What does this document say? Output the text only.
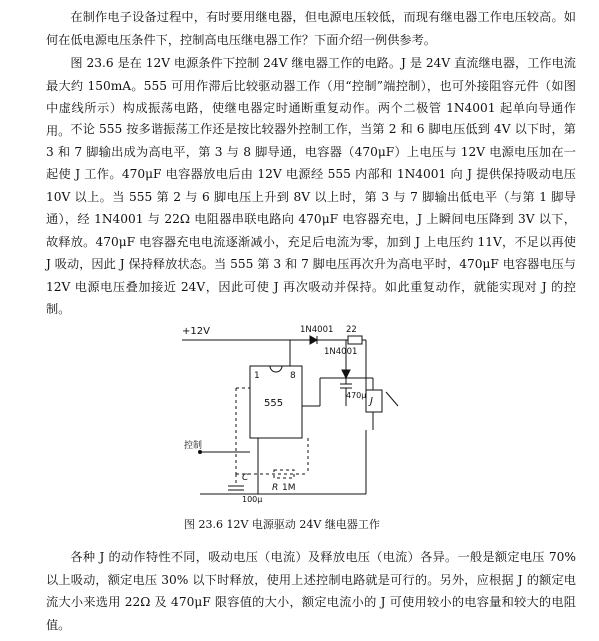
在制作电子设备过程中，有时要用继电器，但电源电压较低，而现有继电器工作电压较高。如何在低电源电压条件下，控制高电压继电器工作？下面介绍一例供参考。

图 23.6 是在 12V 电源条件下控制 24V 继电器工作的电路。J 是 24V 直流继电器，工作电流最大约 150mA。555 可用作滞后比较驱动器工作（用“控制”端控制），也可外接阻容元件（如图中虚线所示）构成振荡电路，使继电器定时通断重复动作。两个二极管 1N4001 起单向导通作用。 不论 555 按多谐振荡工作还是按比较器外控制工作，当第 2 和 6 脚电压低到 4V 以下时，第 3 和 7 脚输出成为高电平，第 3 与 8 脚导通，电容器（470μF）上电压与 12V 电源电压加在一起使 J 工作。470μF 电容器放电后由 12V 电源经 555 内部和 1N4001 向 J 提供保持吸动电压 10V 以上。当 555 第 2 与 6 脚电压上升到 8V 以上时，第 3 与 7 脚输出低电平（与第 1 脚导通），经 1N4001 与 22Ω 电阻器串联电路向 470μF 电容器充电，J 上瞬间电压降到 3V 以下，故释放。470μF 电容器充电电流逐渐减小，充足后电流为零，加到 J 上电压约 11V，不足以再使 J 吸动，因此 J 保持释放状态。当 555 第 3 和 7 脚电压再次升为高电平时，470μF 电容器电压与 12V 电源电压叠加接近 24V，因此可使 J 再次吸动并保持。如此重复动作，就能实现对 J 的控制。

+12V	1N4001 22
1N4001
470μ
1	8
555	J
控制
C
100μ
R 1M
图 23.6 12V 电源驱动 24V 继电器工作

各种 J 的动作特性不同，吸动电压（电流）及释放电压（电流）各异。一般是额定电压 70% 以上吸动，额定电压 30% 以下时释放，使用上述控制电路就是可行的。另外，应根据 J 的额定电流大小来选用 22Ω 及 470μF 限容值的大小，额定电流小的 J 可使用较小的电容量和较大的电阻值。
